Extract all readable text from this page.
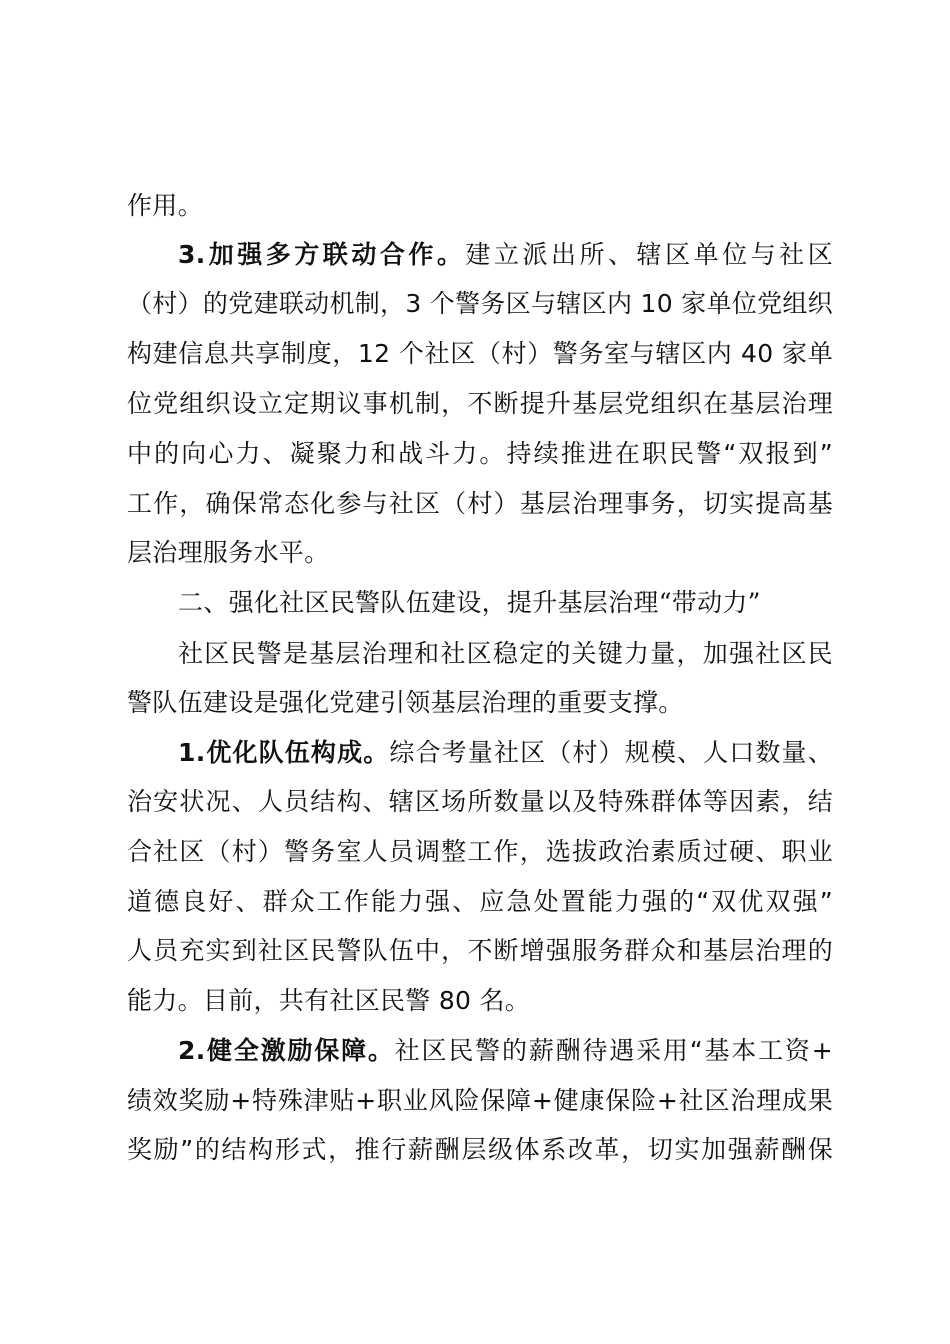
作用。
3.加强多方联动合作。建立派出所、辖区单位与社区
（村）的党建联动机制，3 个警务区与辖区内 10 家单位党组织
构建信息共享制度，12 个社区（村）警务室与辖区内 40 家单
位党组织设立定期议事机制，不断提升基层党组织在基层治理
中的向心力、凝聚力和战斗力。持续推进在职民警“双报到”
工作，确保常态化参与社区（村）基层治理事务，切实提高基
层治理服务水平。
二、强化社区民警队伍建设，提升基层治理“带动力”
社区民警是基层治理和社区稳定的关键力量，加强社区民
警队伍建设是强化党建引领基层治理的重要支撑。
1.优化队伍构成。综合考量社区（村）规模、人口数量、
治安状况、人员结构、辖区场所数量以及特殊群体等因素，结
合社区（村）警务室人员调整工作，选拔政治素质过硬、职业
道德良好、群众工作能力强、应急处置能力强的“双优双强”
人员充实到社区民警队伍中，不断增强服务群众和基层治理的
能力。目前，共有社区民警 80 名。
2.健全激励保障。社区民警的薪酬待遇采用“基本工资+
绩效奖励+特殊津贴+职业风险保障+健康保险+社区治理成果
奖励”的结构形式，推行薪酬层级体系改革，切实加强薪酬保
